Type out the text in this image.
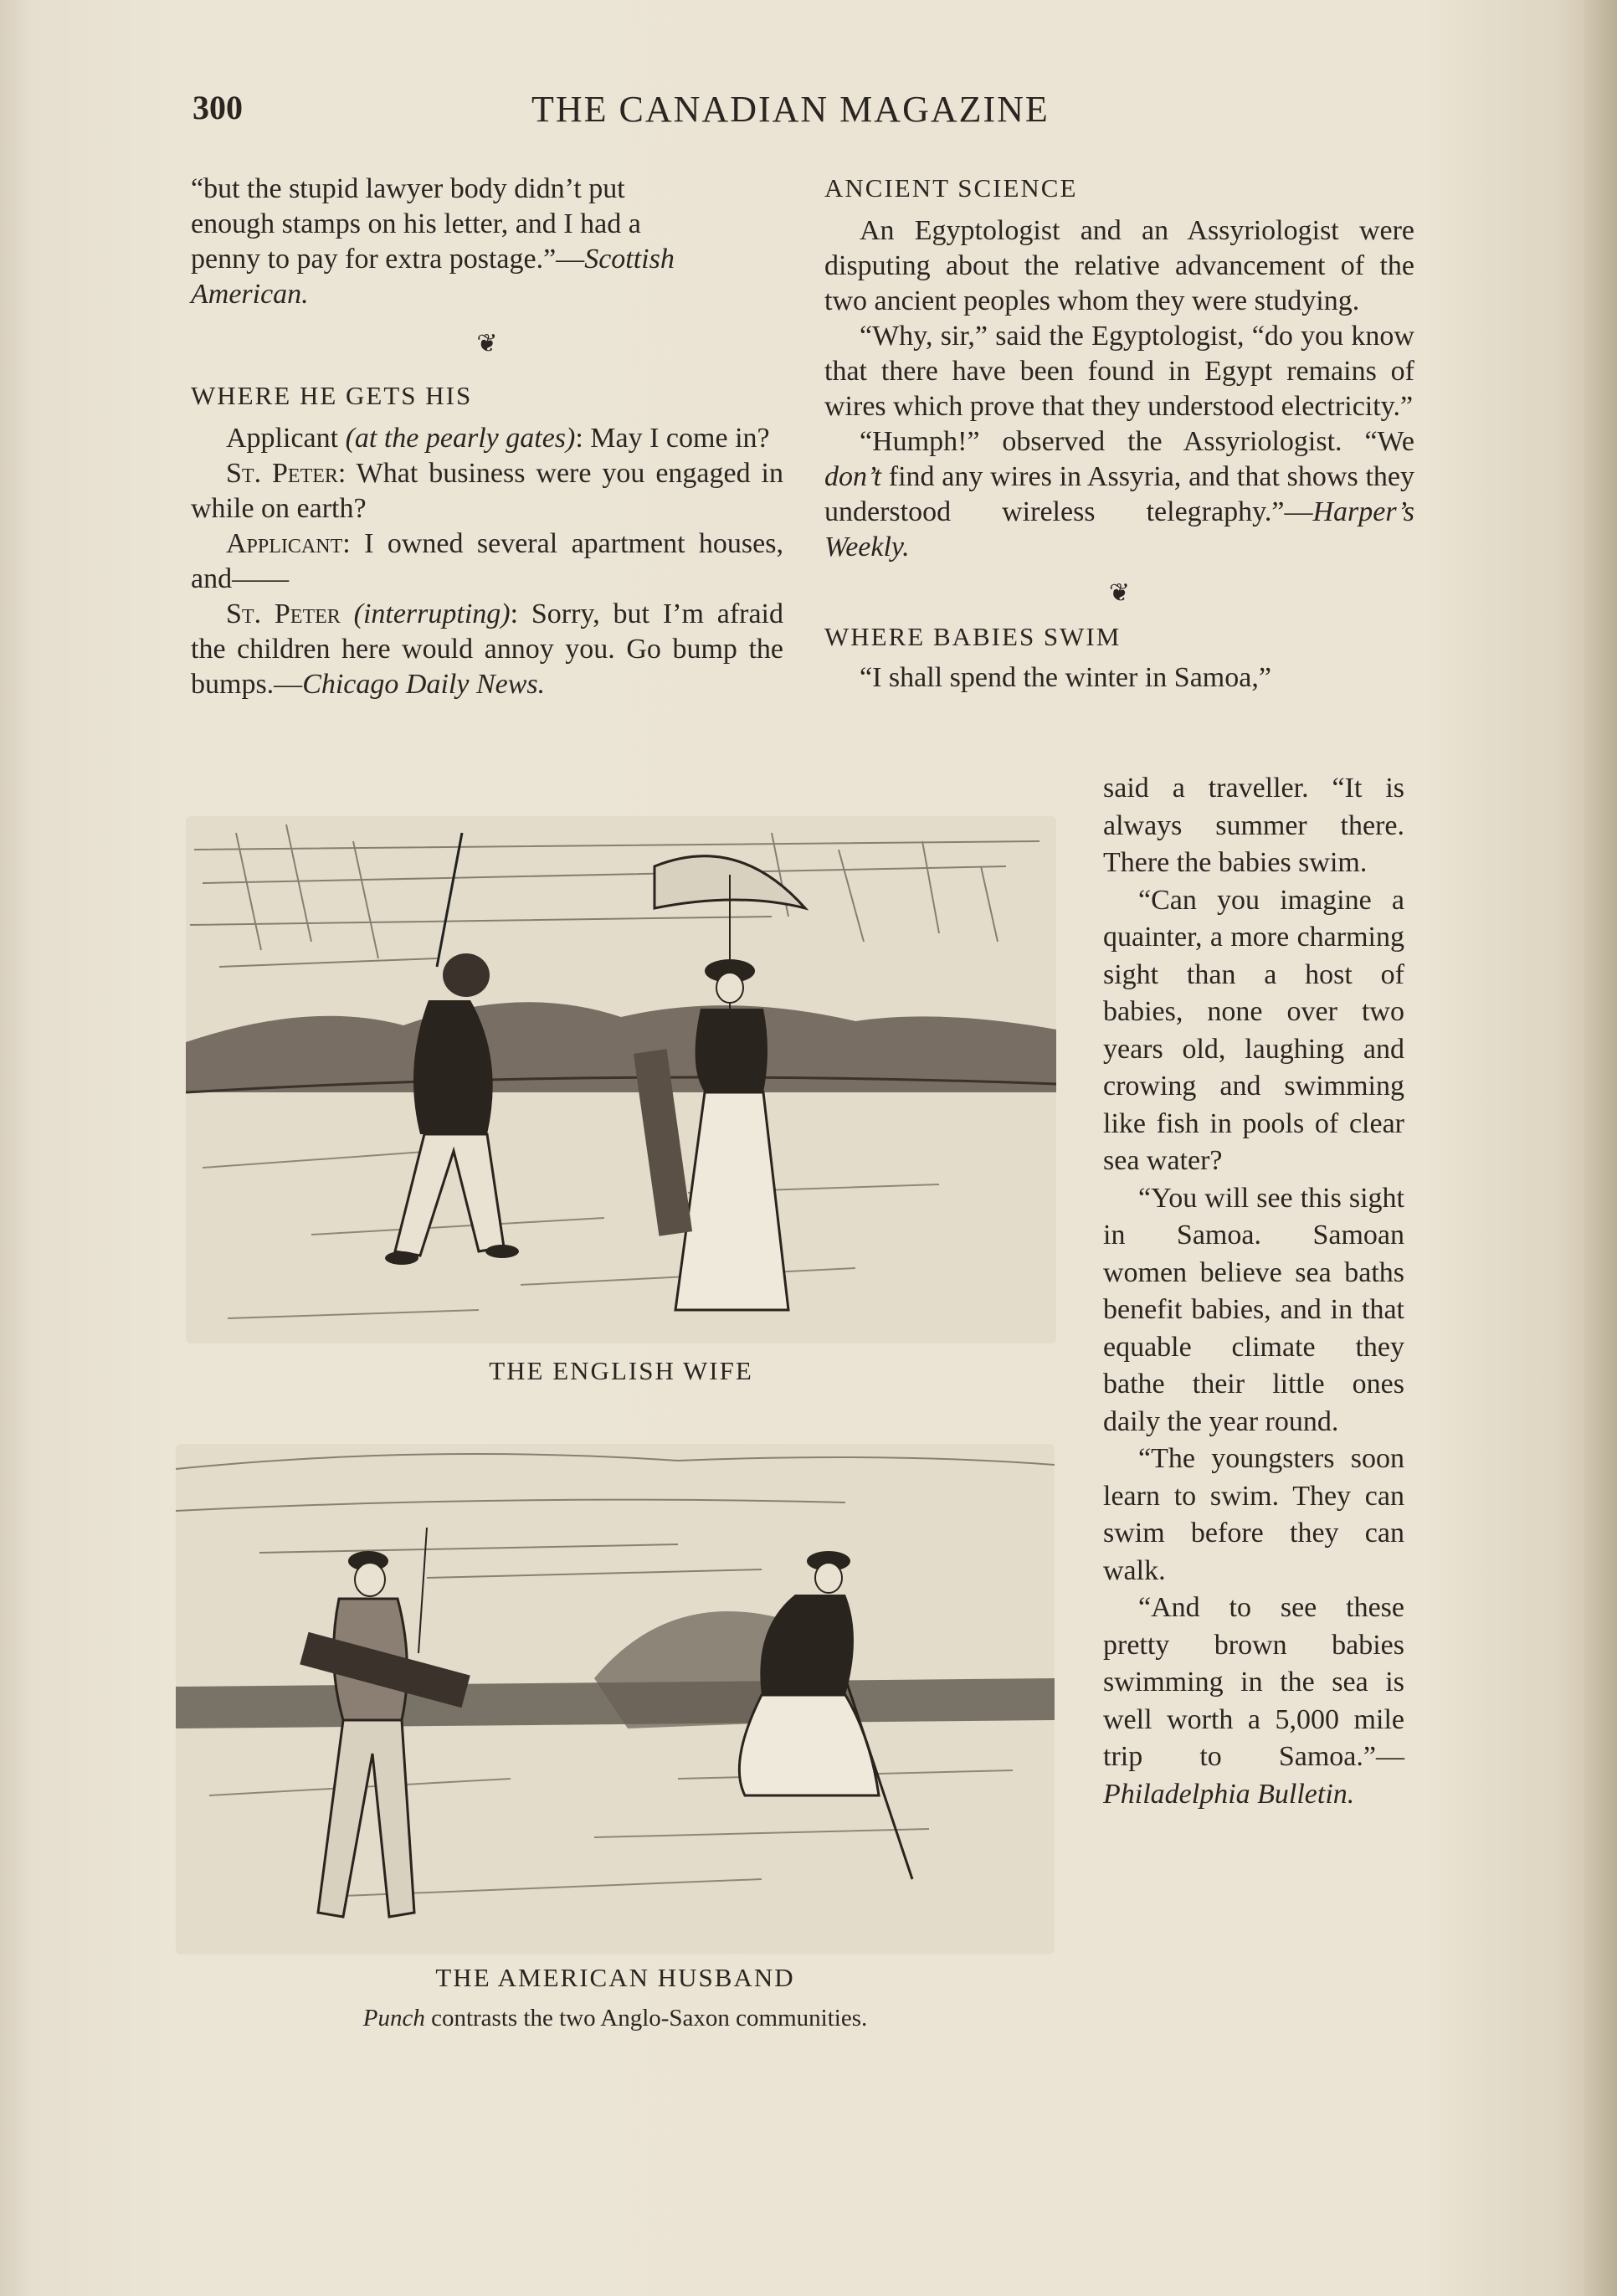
300	THE CANADIAN MAGAZINE

“but the stupid lawyer body didn’t put
enough stamps on his letter, and I had a
penny to pay for extra postage.”—Scottish American.

❦

WHERE HE GETS HIS

Applicant (at the pearly gates): May I come in?

St. Peter: What business were you engaged in while on earth?

Applicant: I owned several apartment houses, and——

St. Peter (interrupting): Sorry, but I’m afraid the children here would annoy you. Go bump the bumps.—Chicago Daily News.

ANCIENT SCIENCE

An Egyptologist and an Assyriologist were disputing about the relative advancement of the two ancient peoples whom they were studying.

“Why, sir,” said the Egyptologist, “do you know that there have been found in Egypt remains of wires which prove that they understood electricity.”

“Humph!” observed the Assyriologist. “We don’t find any wires in Assyria, and that shows they understood wireless telegraphy.”—Harper’s Weekly.

❦

WHERE BABIES SWIM

“I shall spend the winter in Samoa,”

said a traveller. “It is always summer there. There the babies swim.

“Can you imagine a quainter, a more charming sight than a host of babies, none over two years old, laughing and crowing and swimming like fish in pools of clear sea water?

“You will see this sight in Samoa. Samoan women believe sea baths benefit babies, and in that equable climate they bathe their little ones daily the year round.

“The youngsters soon learn to swim. They can swim before they can walk.

“And to see these pretty brown babies swimming in the sea is well worth a 5,000 mile trip to Samoa.”—Philadelphia Bulletin.

THE ENGLISH WIFE
THE AMERICAN HUSBAND
Punch contrasts the two Anglo-Saxon communities.
